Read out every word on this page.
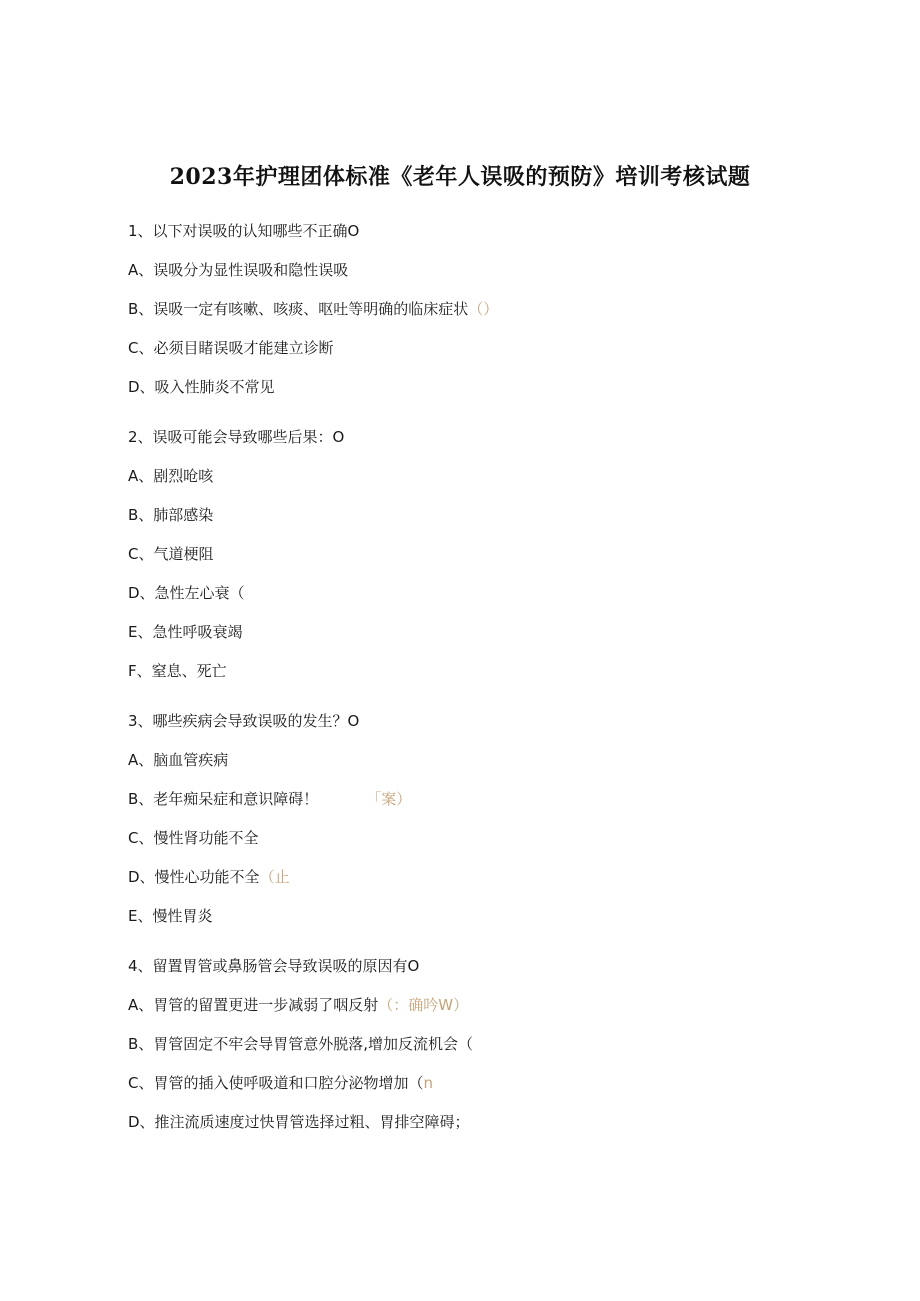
2023年护理团体标准《老年人误吸的预防》培训考核试题
1、以下对误吸的认知哪些不正确O
A、误吸分为显性误吸和隐性误吸
B、误吸一定有咳嗽、咳痰、呕吐等明确的临床症状（）
C、必须目睹误吸才能建立诊断
D、吸入性肺炎不常见
2、误吸可能会导致哪些后果：O
A、剧烈呛咳
B、肺部感染
C、气道梗阻
D、急性左心衰（
E、急性呼吸衰竭
F、窒息、死亡
3、哪些疾病会导致误吸的发生？O
A、脑血管疾病
B、老年痴呆症和意识障碍！	「案）
C、慢性肾功能不全
D、慢性心功能不全（止
E、慢性胃炎
4、留置胃管或鼻肠管会导致误吸的原因有O
A、胃管的留置更进一步减弱了咽反射（：确吟W）
B、胃管固定不牢会导胃管意外脱落,增加反流机会（
C、胃管的插入使呼吸道和口腔分泌物增加（n
D、推注流质速度过快胃管选择过粗、胃排空障碍；
